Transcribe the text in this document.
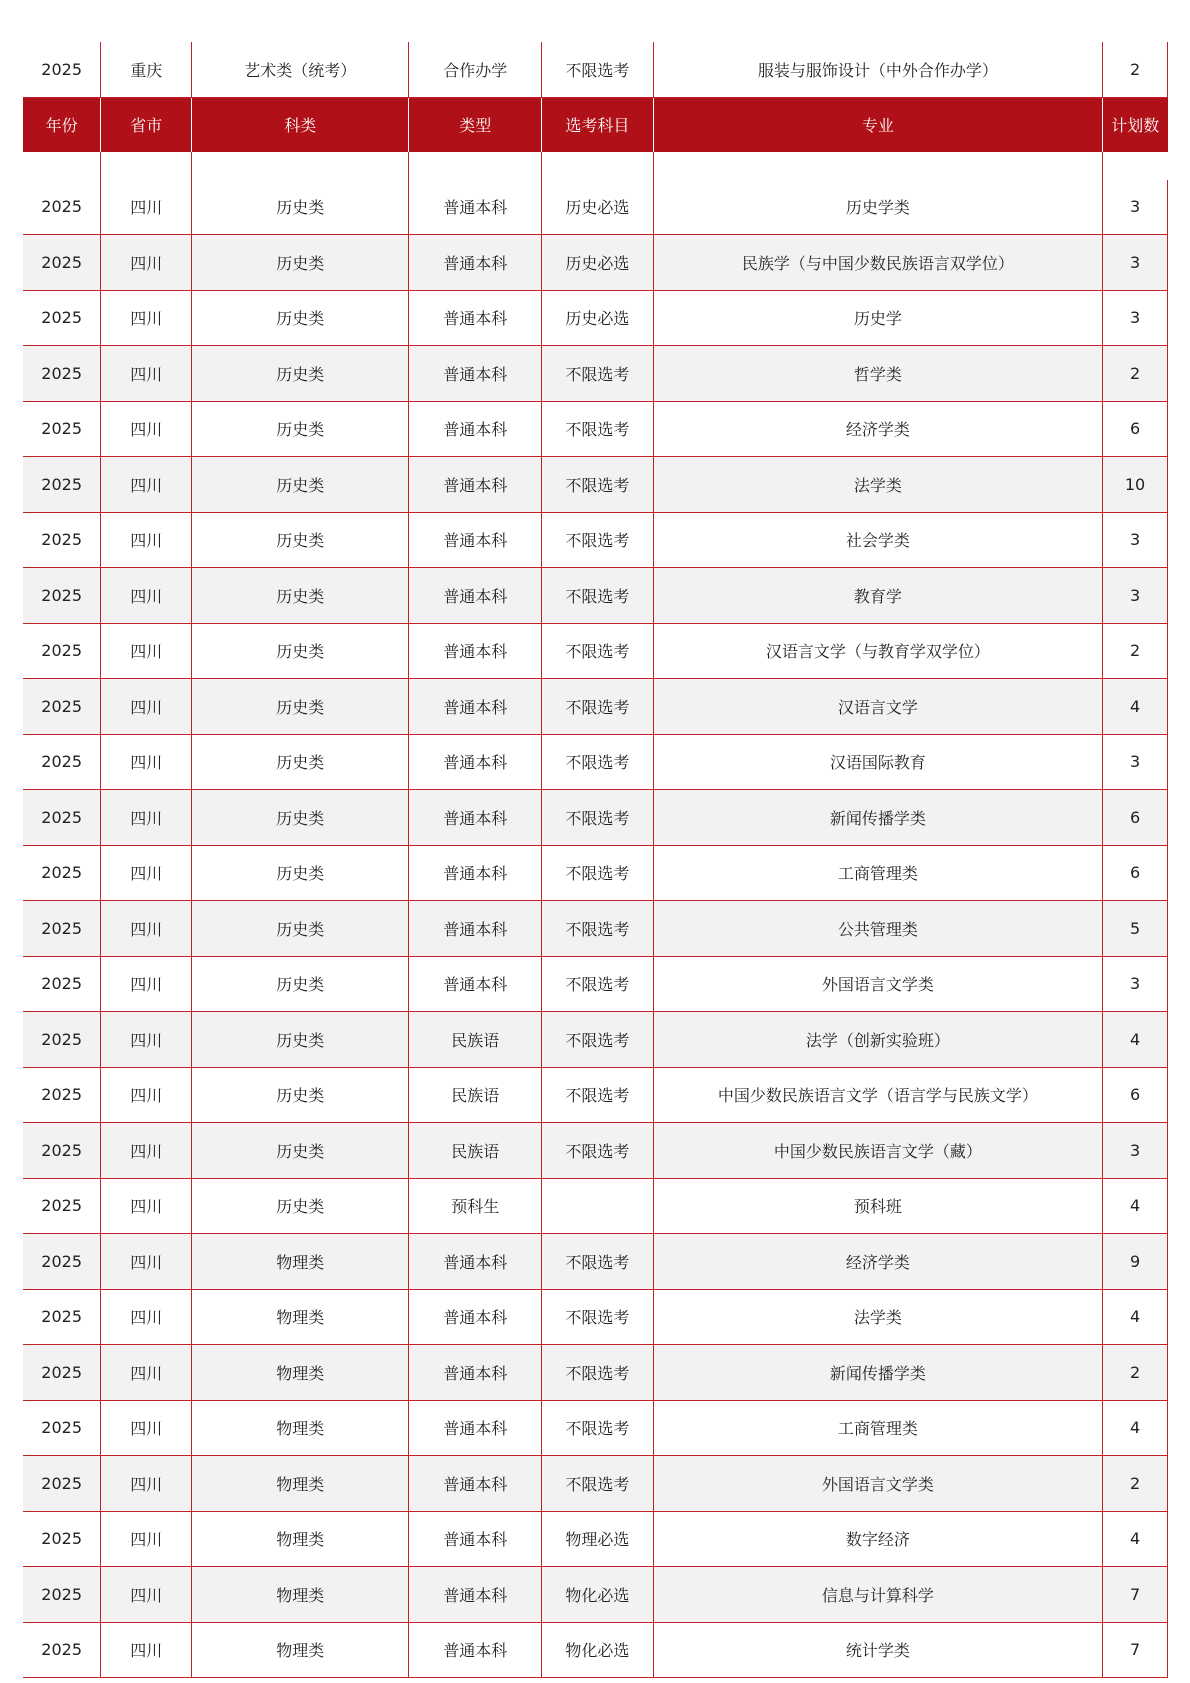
2025	重庆	艺术类（统考）	合作办学	不限选考	服装与服饰设计（中外合作办学）	2
年份	省市	科类	类型	选考科目	专业	计划数

2025	四川	历史类	普通本科	历史必选	历史学类	3
2025	四川	历史类	普通本科	历史必选	民族学（与中国少数民族语言双学位）	3
2025	四川	历史类	普通本科	历史必选	历史学	3
2025	四川	历史类	普通本科	不限选考	哲学类	2
2025	四川	历史类	普通本科	不限选考	经济学类	6
2025	四川	历史类	普通本科	不限选考	法学类	10
2025	四川	历史类	普通本科	不限选考	社会学类	3
2025	四川	历史类	普通本科	不限选考	教育学	3
2025	四川	历史类	普通本科	不限选考	汉语言文学（与教育学双学位）	2
2025	四川	历史类	普通本科	不限选考	汉语言文学	4
2025	四川	历史类	普通本科	不限选考	汉语国际教育	3
2025	四川	历史类	普通本科	不限选考	新闻传播学类	6
2025	四川	历史类	普通本科	不限选考	工商管理类	6
2025	四川	历史类	普通本科	不限选考	公共管理类	5
2025	四川	历史类	普通本科	不限选考	外国语言文学类	3
2025	四川	历史类	民族语	不限选考	法学（创新实验班）	4
2025	四川	历史类	民族语	不限选考	中国少数民族语言文学（语言学与民族文学）	6
2025	四川	历史类	民族语	不限选考	中国少数民族语言文学（藏）	3
2025	四川	历史类	预科生		预科班	4
2025	四川	物理类	普通本科	不限选考	经济学类	9
2025	四川	物理类	普通本科	不限选考	法学类	4
2025	四川	物理类	普通本科	不限选考	新闻传播学类	2
2025	四川	物理类	普通本科	不限选考	工商管理类	4
2025	四川	物理类	普通本科	不限选考	外国语言文学类	2
2025	四川	物理类	普通本科	物理必选	数字经济	4
2025	四川	物理类	普通本科	物化必选	信息与计算科学	7
2025	四川	物理类	普通本科	物化必选	统计学类	7
